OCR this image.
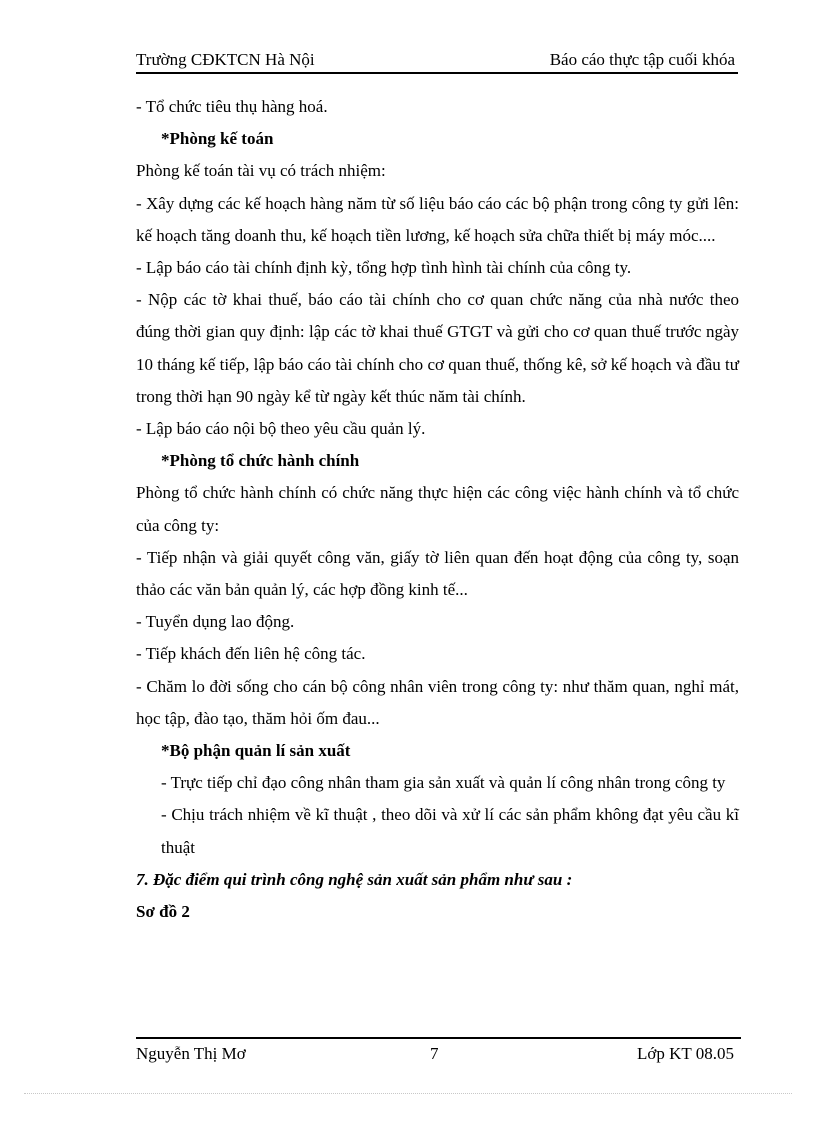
Trường CĐKTCN Hà Nội	Báo cáo thực tập cuối khóa

- Tổ chức tiêu thụ hàng hoá.

*Phòng kế toán

Phòng kế toán tài vụ có trách nhiệm:

- Xây dựng các kế hoạch hàng năm từ số liệu báo cáo các bộ phận trong công ty gửi lên: kế hoạch tăng doanh thu, kế hoạch tiền lương, kế hoạch sửa chữa thiết bị máy móc....

- Lập báo cáo tài chính định kỳ, tổng hợp tình hình tài chính của công ty.

- Nộp các tờ khai thuế, báo cáo tài chính cho cơ quan chức năng của nhà nước theo đúng thời gian quy định: lập các tờ khai thuế GTGT và gửi cho cơ quan thuế trước ngày 10 tháng kế tiếp, lập báo cáo tài chính cho cơ quan thuế, thống kê, sở kế hoạch và đầu tư trong thời hạn 90 ngày kể từ ngày kết thúc năm tài chính.

- Lập báo cáo nội bộ theo yêu cầu quản lý.

*Phòng tổ chức hành chính

Phòng tổ chức hành chính có chức năng thực hiện các công việc hành chính và tổ chức của công ty:

- Tiếp nhận và giải quyết công văn, giấy tờ liên quan đến hoạt động của công ty, soạn thảo các văn bản quản lý, các hợp đồng kinh tế...

- Tuyển dụng lao động.

- Tiếp khách đến liên hệ công tác.

- Chăm lo đời sống cho cán bộ công nhân viên trong công ty: như thăm quan, nghỉ mát, học tập, đào tạo, thăm hỏi ốm đau...

*Bộ phận quản lí sản xuất

- Trực tiếp chỉ đạo công nhân tham gia sản xuất và quản lí công nhân trong công ty

- Chịu trách nhiệm về kĩ thuật , theo dõi và xử lí các sản phẩm không đạt yêu cầu kĩ thuật

7. Đặc điểm qui trình công nghệ sản xuất sản phẩm như sau :

Sơ đồ 2

Nguyễn Thị Mơ	7	Lớp KT 08.05
